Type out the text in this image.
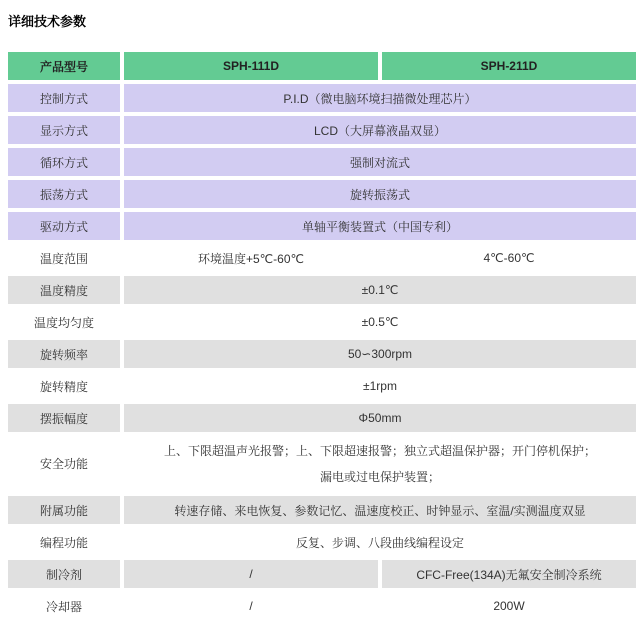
详细技术参数
产品型号	SPH-111D	SPH-211D
控制方式	P.I.D（微电脑环境扫描微处理芯片）	
显示方式	LCD（大屏幕液晶双显）	
循环方式	强制对流式	
振荡方式	旋转振荡式	
驱动方式	单轴平衡装置式（中国专利）	
温度范围	环境温度+5℃-60℃	4℃-60℃
温度精度	±0.1℃	
温度均匀度	±0.5℃	
旋转频率	50∽300rpm	
旋转精度	±1rpm	
摆振幅度	Φ50mm	
安全功能	上、下限超温声光报警；上、下限超速报警；独立式超温保护器；开门停机保护；
漏电或过电保护装置；	

附属功能	转速存储、来电恢复、参数记忆、温速度校正、时钟显示、室温/实测温度双显	
编程功能	反复、步调、八段曲线编程设定	
制冷剂	/	CFC-Free(134A)无氟安全制冷系统
冷却器	/	200W
